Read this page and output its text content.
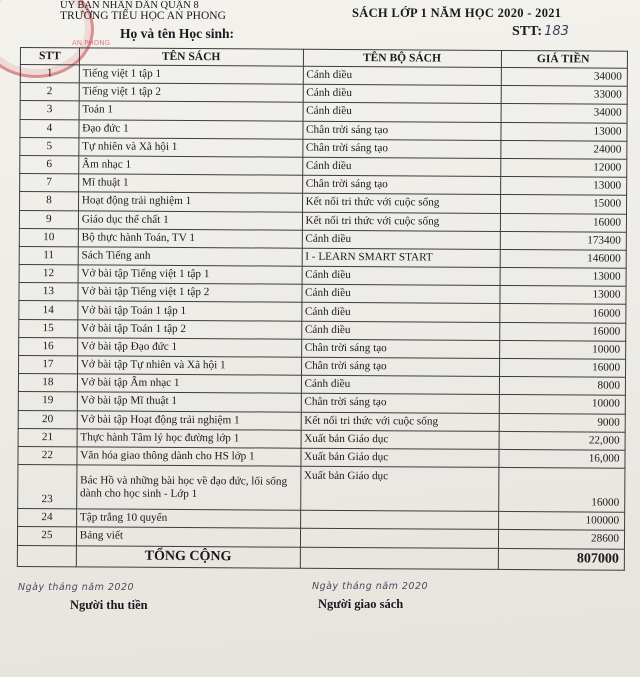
AN PHONG
ỦY BAN NHÂN DÂN QUẬN 8
TRƯỜNG TIỂU HỌC AN PHONG	SÁCH LỚP 1 NĂM HỌC 2020 - 2021
STT: 183
Họ và tên Học sinh:
STT	TÊN SÁCH	TÊN BỘ SÁCH	GIÁ TIỀN
1	Tiếng việt 1 tập 1	Cánh diều	34000
2	Tiếng việt 1 tập 2	Cánh diều	33000
3	Toán 1	Cánh diều	34000
4	Đạo đức 1	Chân trời sáng tạo	13000
5	Tự nhiên và Xã hội 1	Chân trời sáng tạo	24000
6	Âm nhạc 1	Cánh diều	12000
7	Mĩ thuật 1	Chân trời sáng tạo	13000
8	Hoạt động trải nghiệm 1	Kết nối tri thức với cuộc sống	15000
9	Giáo dục thể chất 1	Kết nối tri thức với cuộc sống	16000
10	Bộ thực hành Toán, TV 1	Cánh diều	173400
11	Sách Tiếng anh	I - LEARN SMART START	146000
12	Vở bài tập Tiếng việt 1 tập 1	Cánh diều	13000
13	Vở bài tập Tiếng việt 1 tập 2	Cánh diều	13000
14	Vở bài tập Toán 1 tập 1	Cánh diều	16000
15	Vở bài tập Toán 1 tập 2	Cánh diều	16000
16	Vở bài tập Đạo đức 1	Chân trời sáng tạo	10000
17	Vở bài tập Tự nhiên và Xã hội 1	Chân trời sáng tạo	16000
18	Vở bài tập Âm nhạc 1	Cánh diều	8000
19	Vở bài tập Mĩ thuật 1	Chân trời sáng tạo	10000
20	Vở bài tập Hoạt động trải nghiệm 1	Kết nối tri thức với cuộc sống	9000
21	Thực hành Tâm lý học đường lớp 1	Xuất bản Giáo dục	22,000
22	Văn hóa giao thông dành cho HS lớp 1	Xuất bản Giáo dục	16,000
23	Bác Hồ và những bài học về đạo đức, lối sống dành cho học sinh - Lớp 1	Xuất bản Giáo dục	16000
24	Tập trắng 10 quyển		100000
25	Bảng viết		28600
	TỔNG CỘNG		807000
Ngày tháng năm 2020	Ngày tháng năm 2020
Người thu tiền	Người giao sách
